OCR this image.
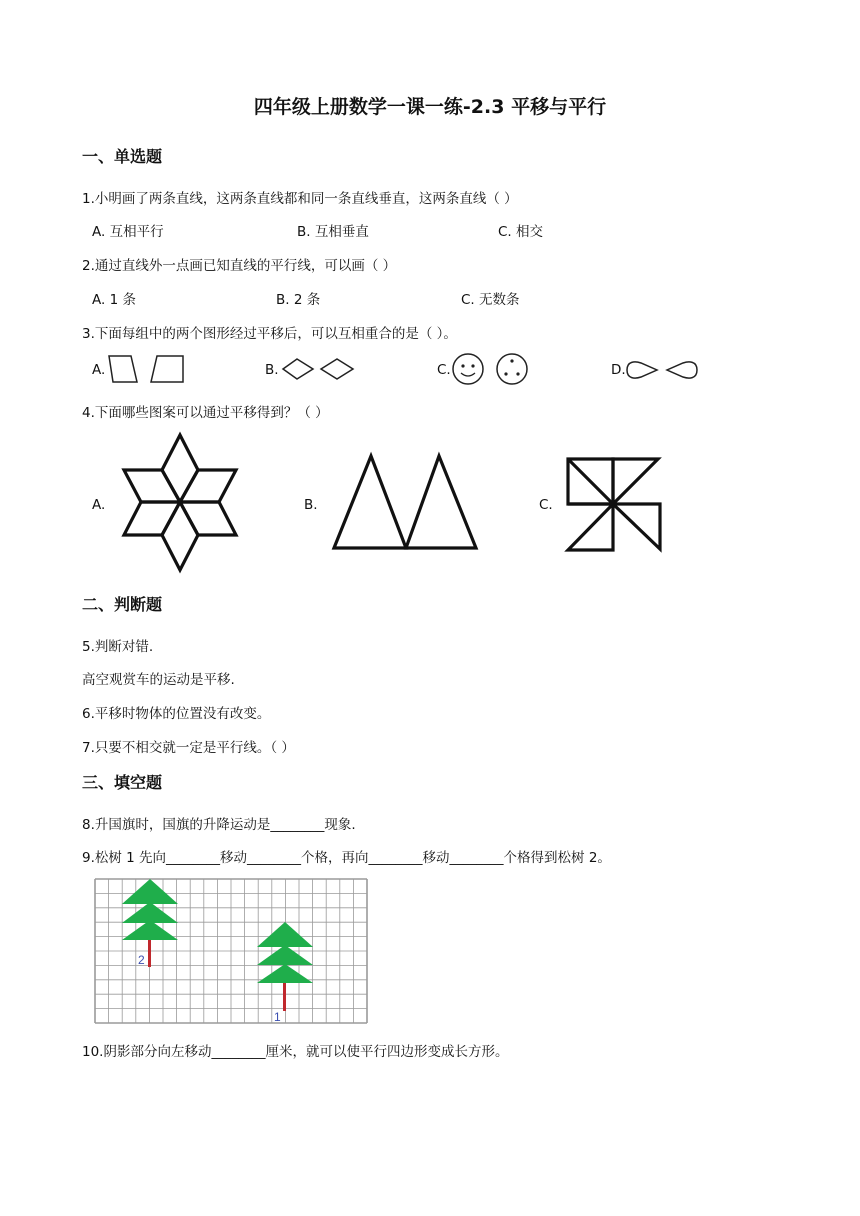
四年级上册数学一课一练-2.3 平移与平行
一、单选题
1.小明画了两条直线，这两条直线都和同一条直线垂直，这两条直线（ ）
A. 互相平行	B. 互相垂直	C. 相交
2.通过直线外一点画已知直线的平行线，可以画（ ）
A. 1 条	B. 2 条	C. 无数条
3.下面每组中的两个图形经过平移后，可以互相重合的是（ ）。
A.	B.	C.	D.
4.下面哪些图案可以通过平移得到？（ ）
A.	B.	C.
二、判断题
5.判断对错.
高空观赏车的运动是平移.
6.平移时物体的位置没有改变。
7.只要不相交就一定是平行线。（ ）
三、填空题
8.升国旗时，国旗的升降运动是________现象.
9.松树 1 先向________移动________个格，再向________移动________个格得到松树 2。
2
1
10.阴影部分向左移动________厘米，就可以使平行四边形变成长方形。
